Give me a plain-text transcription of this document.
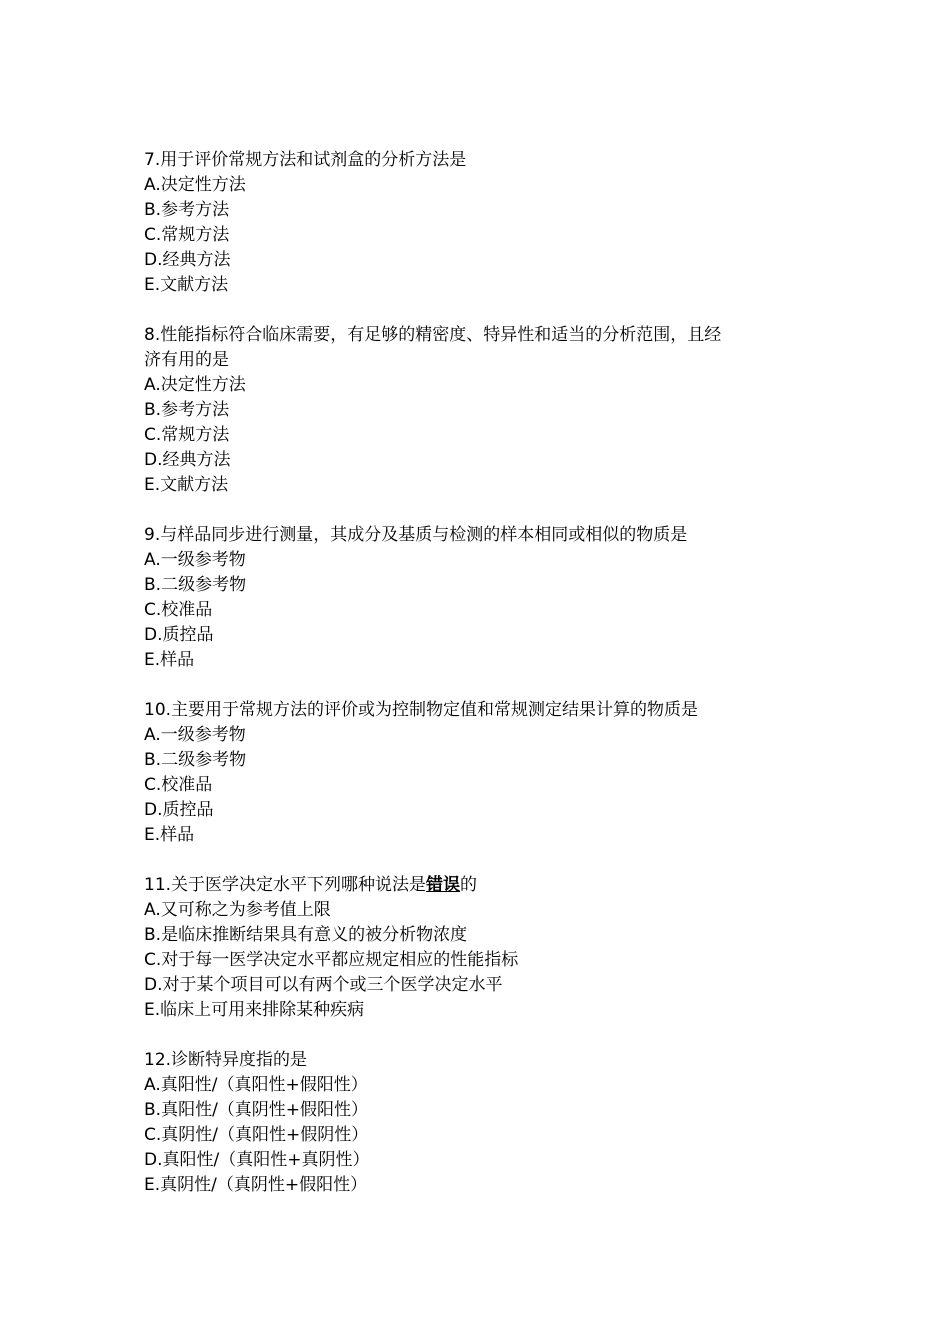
7.用于评价常规方法和试剂盒的分析方法是
A.决定性方法
B.参考方法
C.常规方法
D.经典方法
E.文献方法
8.性能指标符合临床需要，有足够的精密度、特异性和适当的分析范围，且经
济有用的是
A.决定性方法
B.参考方法
C.常规方法
D.经典方法
E.文献方法
9.与样品同步进行测量，其成分及基质与检测的样本相同或相似的物质是
A.一级参考物
B.二级参考物
C.校准品
D.质控品
E.样品
10.主要用于常规方法的评价或为控制物定值和常规测定结果计算的物质是
A.一级参考物
B.二级参考物
C.校准品
D.质控品
E.样品
11.关于医学决定水平下列哪种说法是错误的
A.又可称之为参考值上限
B.是临床推断结果具有意义的被分析物浓度
C.对于每一医学决定水平都应规定相应的性能指标
D.对于某个项目可以有两个或三个医学决定水平
E.临床上可用来排除某种疾病
12.诊断特异度指的是
A.真阳性/（真阳性+假阳性）
B.真阳性/（真阴性+假阳性）
C.真阴性/（真阳性+假阴性）
D.真阳性/（真阳性+真阴性）
E.真阴性/（真阴性+假阳性）
